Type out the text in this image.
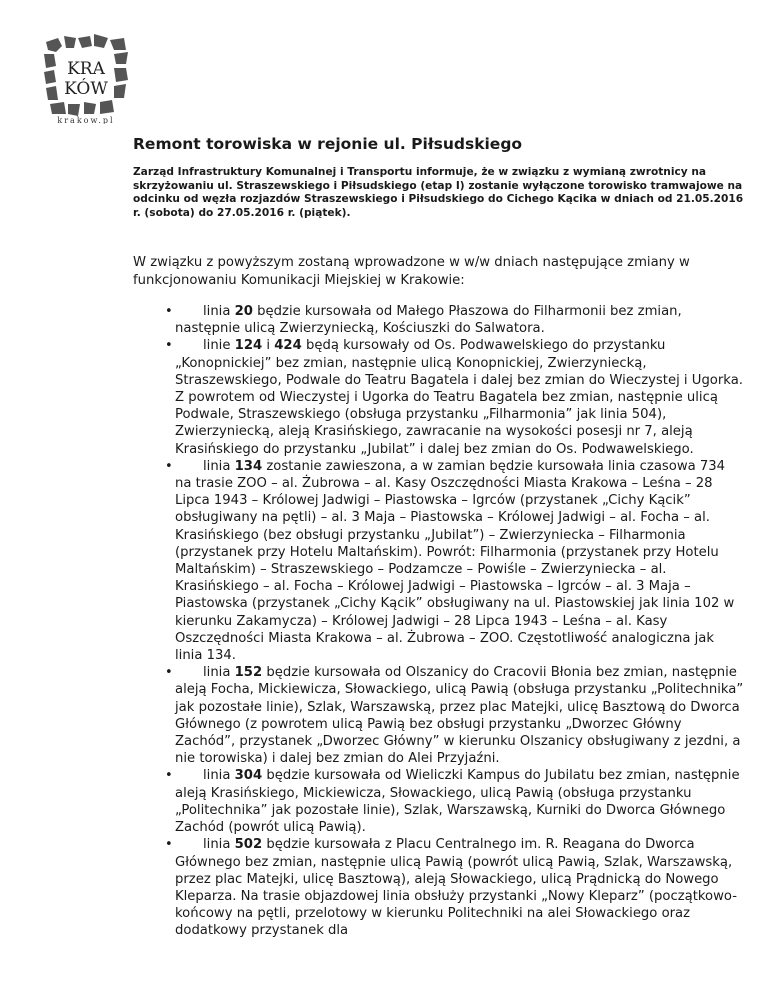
KRA
KÓW
krakow.pl
Remont torowiska w rejonie ul. Piłsudskiego

Zarząd Infrastruktury Komunalnej i Transportu informuje, że w związku z wymianą zwrotnicy na skrzyżowaniu ul. Straszewskiego i Piłsudskiego (etap I) zostanie wyłączone torowisko tramwajowe na odcinku od węzła rozjazdów Straszewskiego i Piłsudskiego do Cichego Kącika w dniach od 21.05.2016 r. (sobota) do 27.05.2016 r. (piątek).

W związku z powyższym zostaną wprowadzone w w/w dniach następujące zmiany w funkcjonowaniu Komunikacji Miejskiej w Krakowie:

•	linia 20 będzie kursowała od Małego Płaszowa do Filharmonii bez zmian, następnie ulicą Zwierzyniecką, Kościuszki do Salwatora.
•	linie 124 i 424 będą kursowały od Os. Podwawelskiego do przystanku „Konopnickiej” bez zmian, następnie ulicą Konopnickiej, Zwierzyniecką, Straszewskiego, Podwale do Teatru Bagatela i dalej bez zmian do Wieczystej i Ugorka. Z powrotem od Wieczystej i Ugorka do Teatru Bagatela bez zmian, następnie ulicą Podwale, Straszewskiego (obsługa przystanku „Filharmonia” jak linia 504), Zwierzyniecką, aleją Krasińskiego, zawracanie na wysokości posesji nr 7, aleją Krasińskiego do przystanku „Jubilat” i dalej bez zmian do Os. Podwawelskiego.
•	linia 134 zostanie zawieszona, a w zamian będzie kursowała linia czasowa 734 na trasie ZOO – al. Żubrowa – al. Kasy Oszczędności Miasta Krakowa – Leśna – 28 Lipca 1943 – Królowej Jadwigi – Piastowska – Igrców (przystanek „Cichy Kącik” obsługiwany na pętli) – al. 3 Maja – Piastowska – Królowej Jadwigi – al. Focha – al. Krasińskiego (bez obsługi przystanku „Jubilat”) – Zwierzyniecka – Filharmonia (przystanek przy Hotelu Maltańskim). Powrót: Filharmonia (przystanek przy Hotelu Maltańskim) – Straszewskiego – Podzamcze – Powiśle – Zwierzyniecka – al. Krasińskiego – al. Focha – Królowej Jadwigi – Piastowska – Igrców – al. 3 Maja – Piastowska (przystanek „Cichy Kącik” obsługiwany na ul. Piastowskiej jak linia 102 w kierunku Zakamycza) – Królowej Jadwigi – 28 Lipca 1943 – Leśna – al. Kasy Oszczędności Miasta Krakowa – al. Żubrowa – ZOO. Częstotliwość analogiczna jak linia 134.
•	linia 152 będzie kursowała od Olszanicy do Cracovii Błonia bez zmian, następnie aleją Focha, Mickiewicza, Słowackiego, ulicą Pawią (obsługa przystanku „Politechnika” jak pozostałe linie), Szlak, Warszawską, przez plac Matejki, ulicę Basztową do Dworca Głównego (z powrotem ulicą Pawią bez obsługi przystanku „Dworzec Główny Zachód”, przystanek „Dworzec Główny” w kierunku Olszanicy obsługiwany z jezdni, a nie torowiska) i dalej bez zmian do Alei Przyjaźni.
•	linia 304 będzie kursowała od Wieliczki Kampus do Jubilatu bez zmian, następnie aleją Krasińskiego, Mickiewicza, Słowackiego, ulicą Pawią (obsługa przystanku „Politechnika” jak pozostałe linie), Szlak, Warszawską, Kurniki do Dworca Głównego Zachód (powrót ulicą Pawią).
•	linia 502 będzie kursowała z Placu Centralnego im. R. Reagana do Dworca Głównego bez zmian, następnie ulicą Pawią (powrót ulicą Pawią, Szlak, Warszawską, przez plac Matejki, ulicę Basztową), aleją Słowackiego, ulicą Prądnicką do Nowego Kleparza. Na trasie objazdowej linia obsłuży przystanki „Nowy Kleparz” (początkowo-końcowy na pętli, przelotowy w kierunku Politechniki na alei Słowackiego oraz dodatkowy przystanek dla
